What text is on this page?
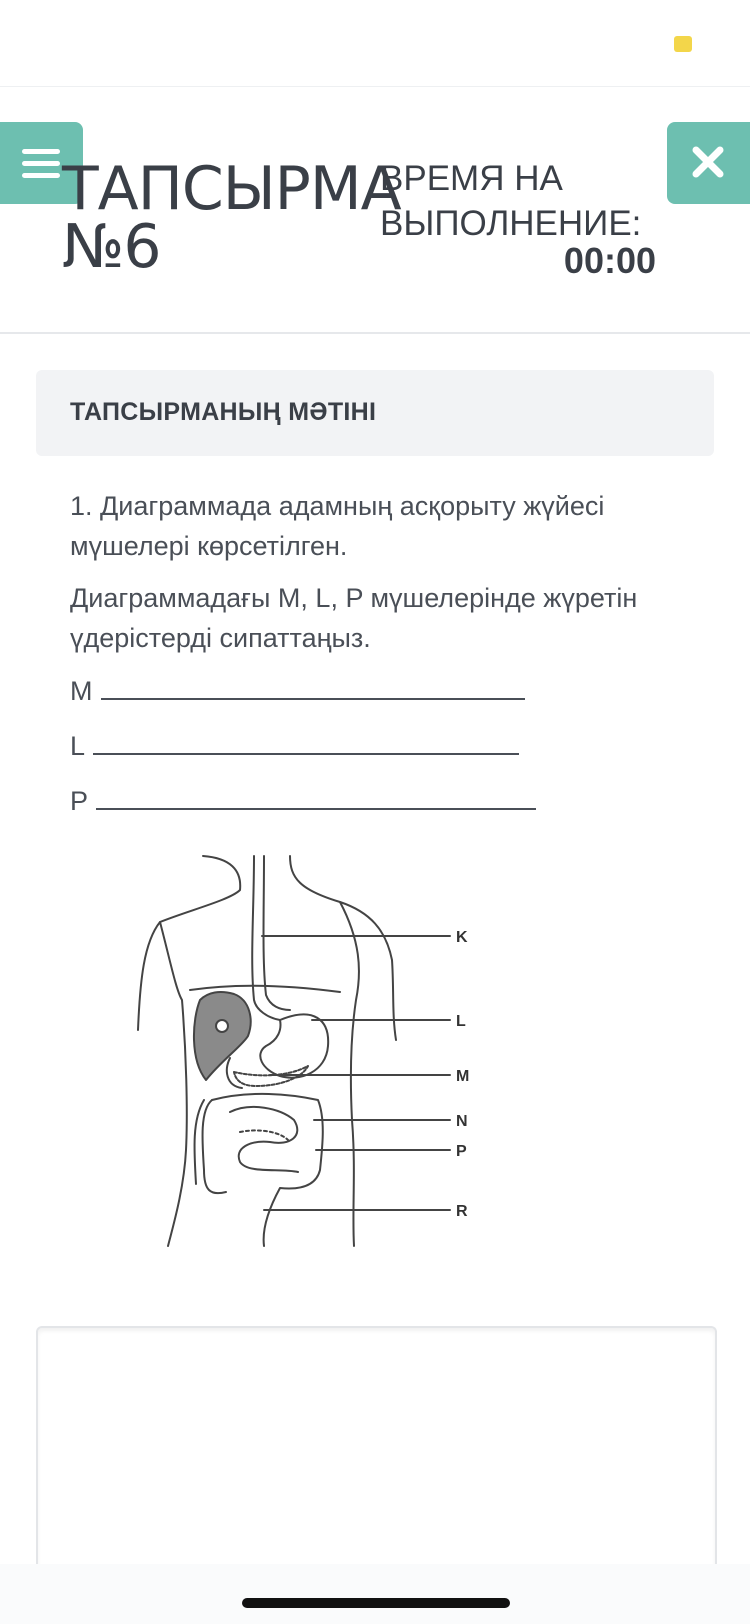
ТАПСЫРМА
№6
ВРЕМЯ НА
ВЫПОЛНЕНИЕ:
00:00
ТАПСЫРМАНЫҢ МӘТІНІ

1. Диаграммада адамның асқорыту жүйесі мүшелері көрсетілген.

Диаграммадағы M, L, P мүшелерінде жүретін үдерістерді сипаттаңыз.

M
L
P
K
L
M
N
P
R
